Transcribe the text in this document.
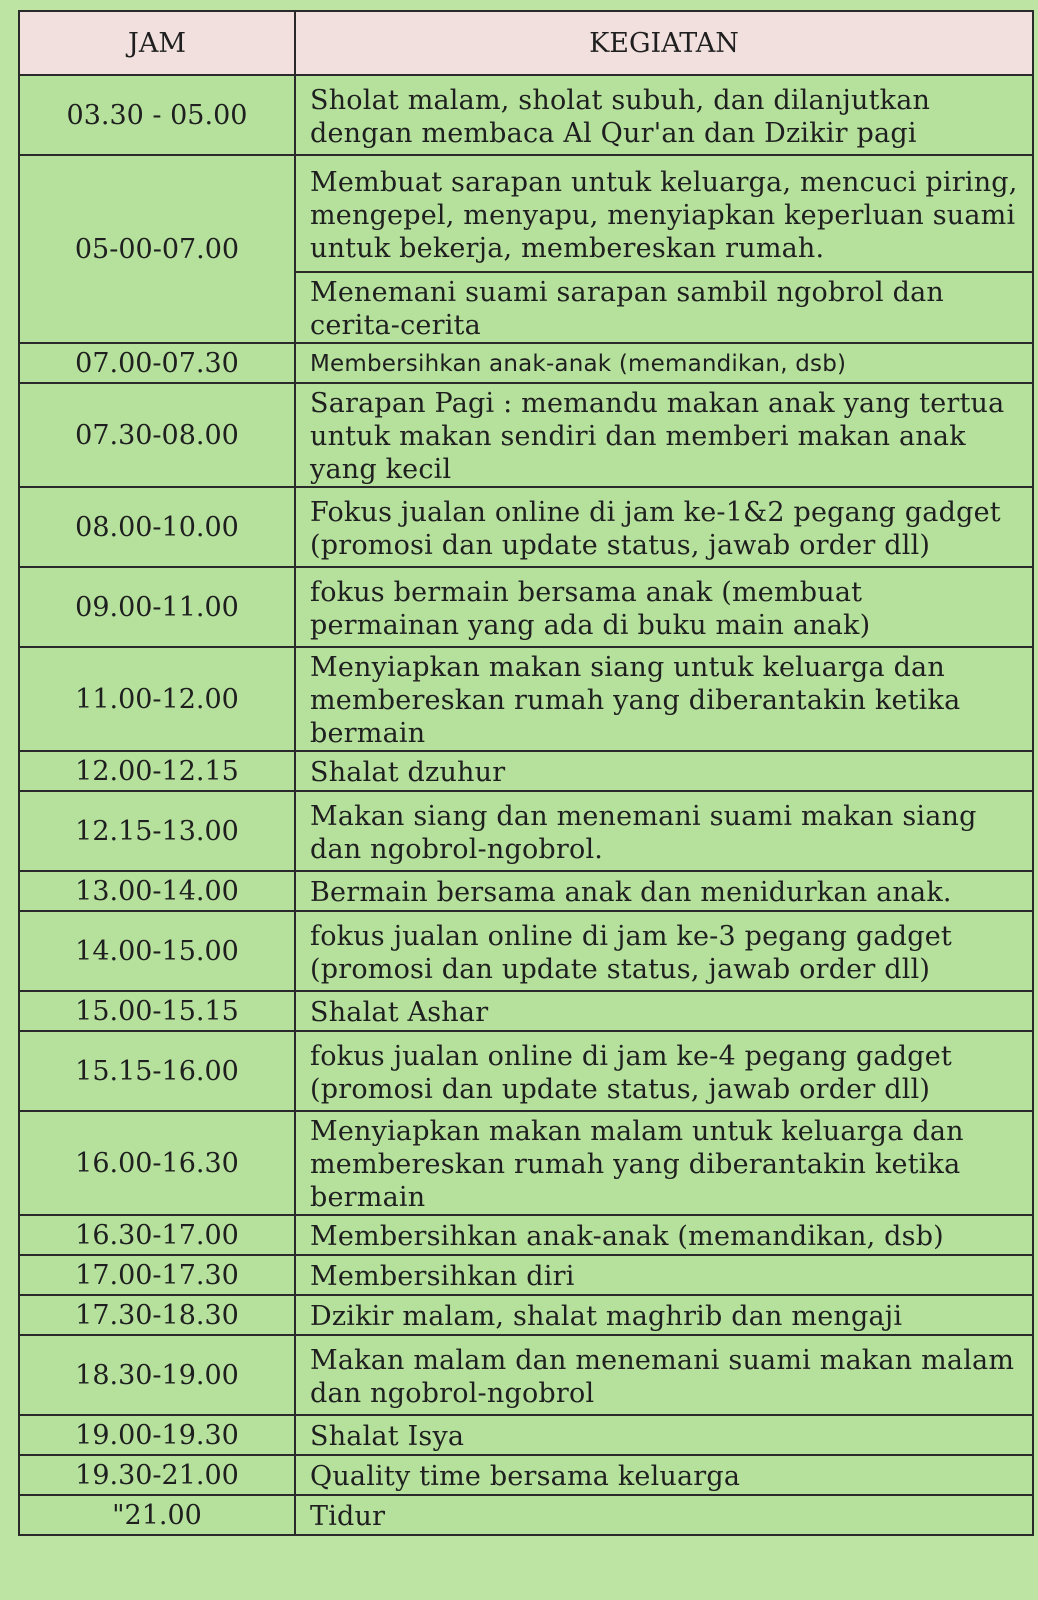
JAM	KEGIATAN
03.30 - 05.00	Sholat malam, sholat subuh, dan dilanjutkan dengan membaca Al Qur'an dan Dzikir pagi
05-00-07.00	Membuat sarapan untuk keluarga, mencuci piring, mengepel, menyapu, menyiapkan keperluan suami untuk bekerja, membereskan rumah.
	Menemani suami sarapan sambil ngobrol dan cerita-cerita
07.00-07.30	Membersihkan anak-anak (memandikan, dsb)
07.30-08.00	Sarapan Pagi : memandu makan anak yang tertua untuk makan sendiri dan memberi makan anak yang kecil
08.00-10.00	Fokus jualan online di jam ke-1&2 pegang gadget (promosi dan update status, jawab order dll)
09.00-11.00	fokus bermain bersama anak (membuat permainan yang ada di buku main anak)
11.00-12.00	Menyiapkan makan siang untuk keluarga dan membereskan rumah yang diberantakin ketika bermain
12.00-12.15	Shalat dzuhur
12.15-13.00	Makan siang dan menemani suami makan siang dan ngobrol-ngobrol.
13.00-14.00	Bermain bersama anak dan menidurkan anak.
14.00-15.00	fokus jualan online di jam ke-3 pegang gadget (promosi dan update status, jawab order dll)
15.00-15.15	Shalat Ashar
15.15-16.00	fokus jualan online di jam ke-4 pegang gadget (promosi dan update status, jawab order dll)
16.00-16.30	Menyiapkan makan malam untuk keluarga dan membereskan rumah yang diberantakin ketika bermain
16.30-17.00	Membersihkan anak-anak (memandikan, dsb)
17.00-17.30	Membersihkan diri
17.30-18.30	Dzikir malam, shalat maghrib dan mengaji
18.30-19.00	Makan malam dan menemani suami makan malam dan ngobrol-ngobrol
19.00-19.30	Shalat Isya
19.30-21.00	Quality time bersama keluarga
"21.00	Tidur
